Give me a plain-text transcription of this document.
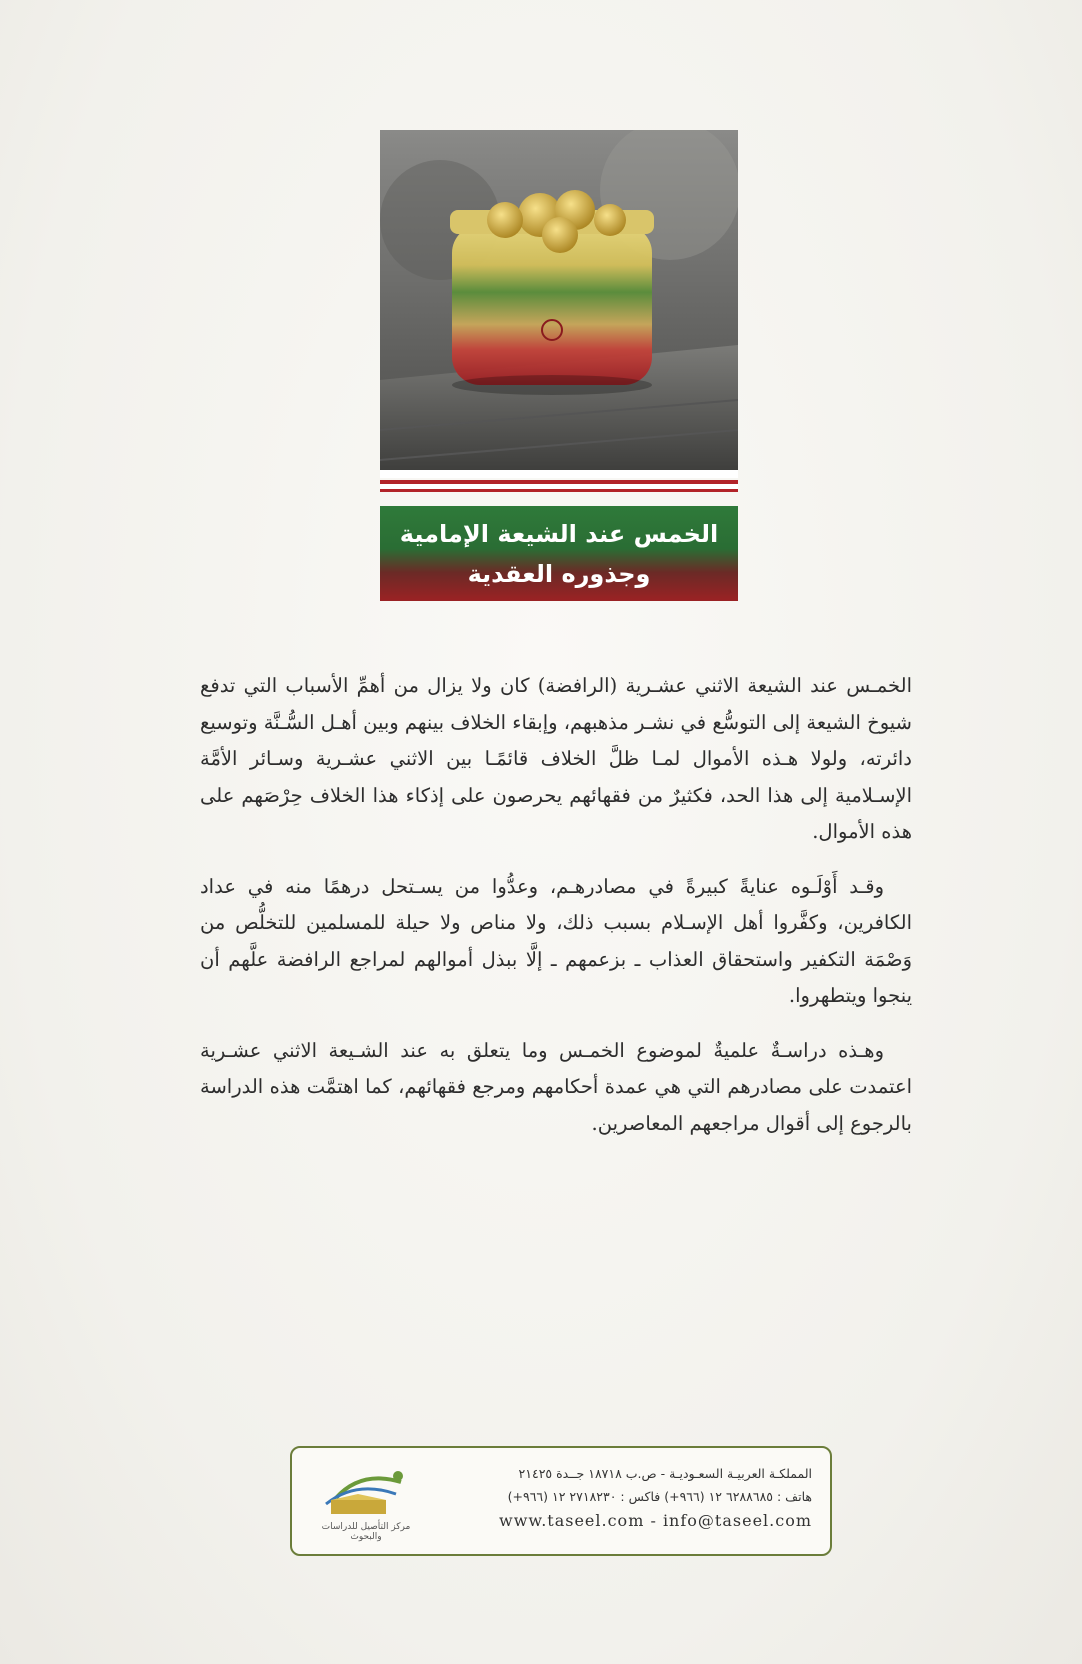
الخمس عند الشيعة الإمامية
وجذوره العقدية

الخمـس عند الشيعة الاثني عشـرية (الرافضة) كان ولا يزال من أهمِّ الأسباب التي تدفع شيوخ الشيعة إلى التوسُّع في نشـر مذهبهم، وإبقاء الخلاف بينهم وبين أهـل السُّـنَّة وتوسيع دائرته، ولولا هـذه الأموال لمـا ظلَّ الخلاف قائمًـا بين الاثني عشـرية وسـائر الأمَّة الإسـلامية إلى هذا الحد، فكثيرٌ من فقهائهم يحرصون على إذكاء هذا الخلاف حِرْصَهم على هذه الأموال.

وقـد أَوْلَـوه عنايةً كبيرةً في مصادرهـم، وعدُّوا من يسـتحل درهمًا منه في عداد الكافرين، وكفَّروا أهل الإسـلام بسبب ذلك، ولا مناص ولا حيلة للمسلمين للتخلُّص من وَصْمَة التكفير واستحقاق العذاب ـ بزعمهم ـ إلَّا ببذل أموالهم لمراجع الرافضة علَّهم أن ينجوا ويتطهروا.

وهـذه دراسـةٌ علميةٌ لموضوع الخمـس وما يتعلق به عند الشـيعة الاثني عشـرية اعتمدت على مصادرهم التي هي عمدة أحكامهم ومرجع فقهائهم، كما اهتمَّت هذه الدراسة بالرجوع إلى أقوال مراجعهم المعاصرين.

مركز التأصيل للدراسات والبحوث
المملكـة العربيـة السعـوديـة - ص.ب ١٨٧١٨ جــدة ٢١٤٢٥
هاتف : ٦٢٨٨٦٨٥ ١٢ (٩٦٦+) فاكس : ٢٧١٨٢٣٠ ١٢ (٩٦٦+)
www.taseel.com - info@taseel.com
